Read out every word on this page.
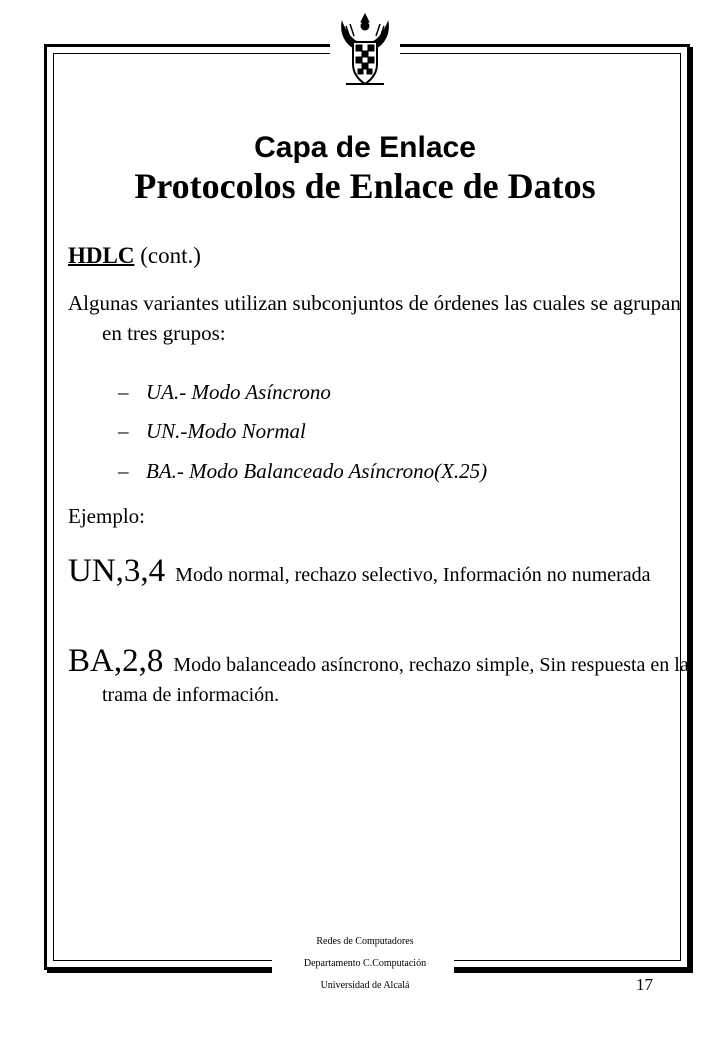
Capa de Enlace
Protocolos de Enlace de Datos
HDLC (cont.)

Algunas variantes utilizan subconjuntos de órdenes las cuales se agrupan en tres grupos:

– UA.- Modo Asíncrono
– UN.-Modo Normal
– BA.- Modo Balanceado Asíncrono(X.25)
Ejemplo:

UN,3,4 Modo normal, rechazo selectivo, Información no numerada

BA,2,8 Modo balanceado asíncrono, rechazo simple, Sin respuesta en la trama de información.

Redes de Computadores
Departamento C.Computación
Universidad de Alcalá	17
